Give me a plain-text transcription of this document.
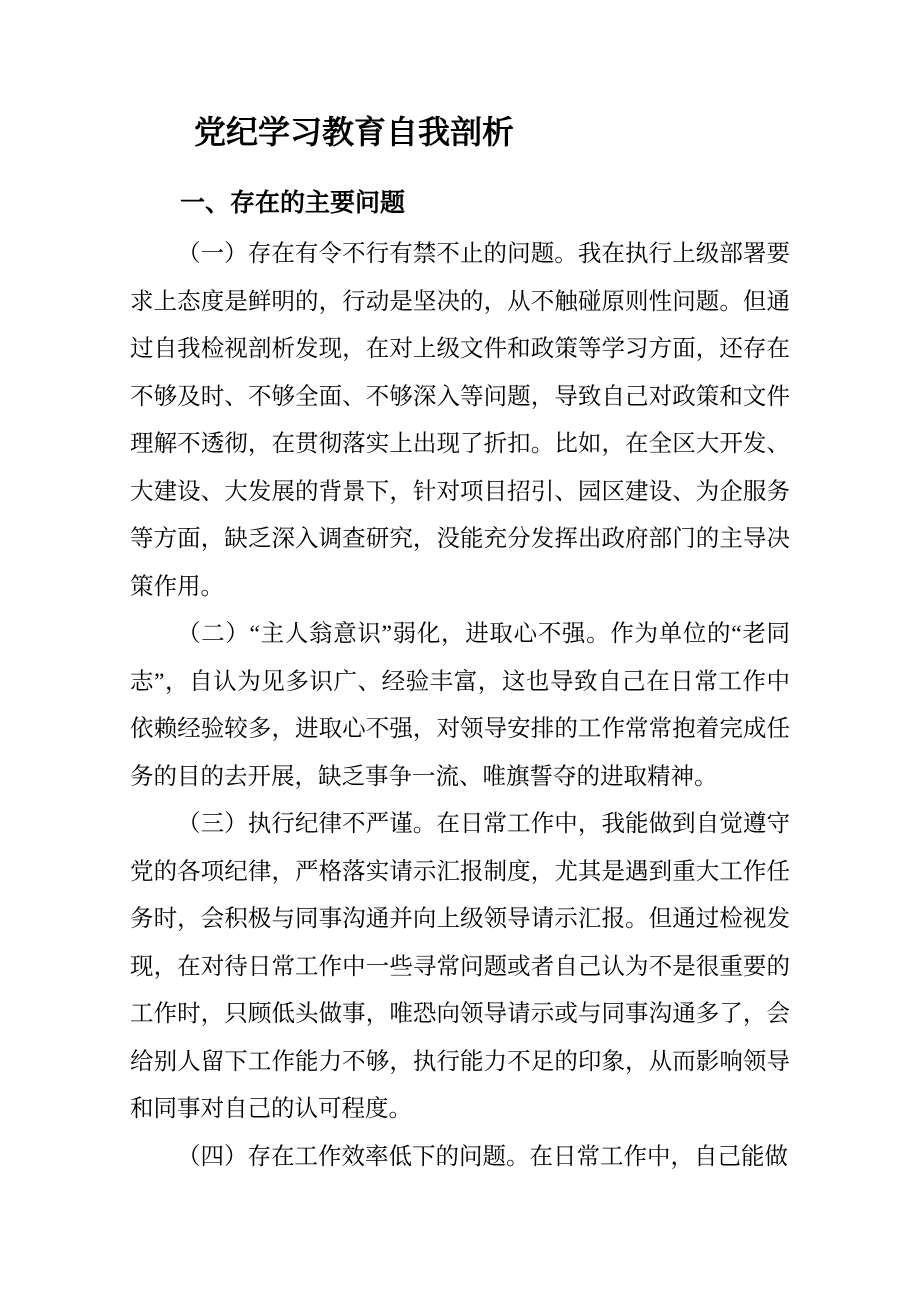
党纪学习教育自我剖析
一、存在的主要问题

（一）存在有令不行有禁不止的问题。我在执行上级部署要求上态度是鲜明的，行动是坚决的，从不触碰原则性问题。但通过自我检视剖析发现，在对上级文件和政策等学习方面，还存在不够及时、不够全面、不够深入等问题，导致自己对政策和文件理解不透彻，在贯彻落实上出现了折扣。比如，在全区大开发、大建设、大发展的背景下，针对项目招引、园区建设、为企服务等方面，缺乏深入调查研究，没能充分发挥出政府部门的主导决策作用。

（二）“主人翁意识”弱化，进取心不强。作为单位的“老同志”，自认为见多识广、经验丰富，这也导致自己在日常工作中依赖经验较多，进取心不强，对领导安排的工作常常抱着完成任务的目的去开展，缺乏事争一流、唯旗誓夺的进取精神。

（三）执行纪律不严谨。在日常工作中，我能做到自觉遵守党的各项纪律，严格落实请示汇报制度，尤其是遇到重大工作任务时，会积极与同事沟通并向上级领导请示汇报。但通过检视发现，在对待日常工作中一些寻常问题或者自己认为不是很重要的工作时，只顾低头做事，唯恐向领导请示或与同事沟通多了，会给别人留下工作能力不够，执行能力不足的印象，从而影响领导和同事对自己的认可程度。

（四）存在工作效率低下的问题。在日常工作中，自己能做
